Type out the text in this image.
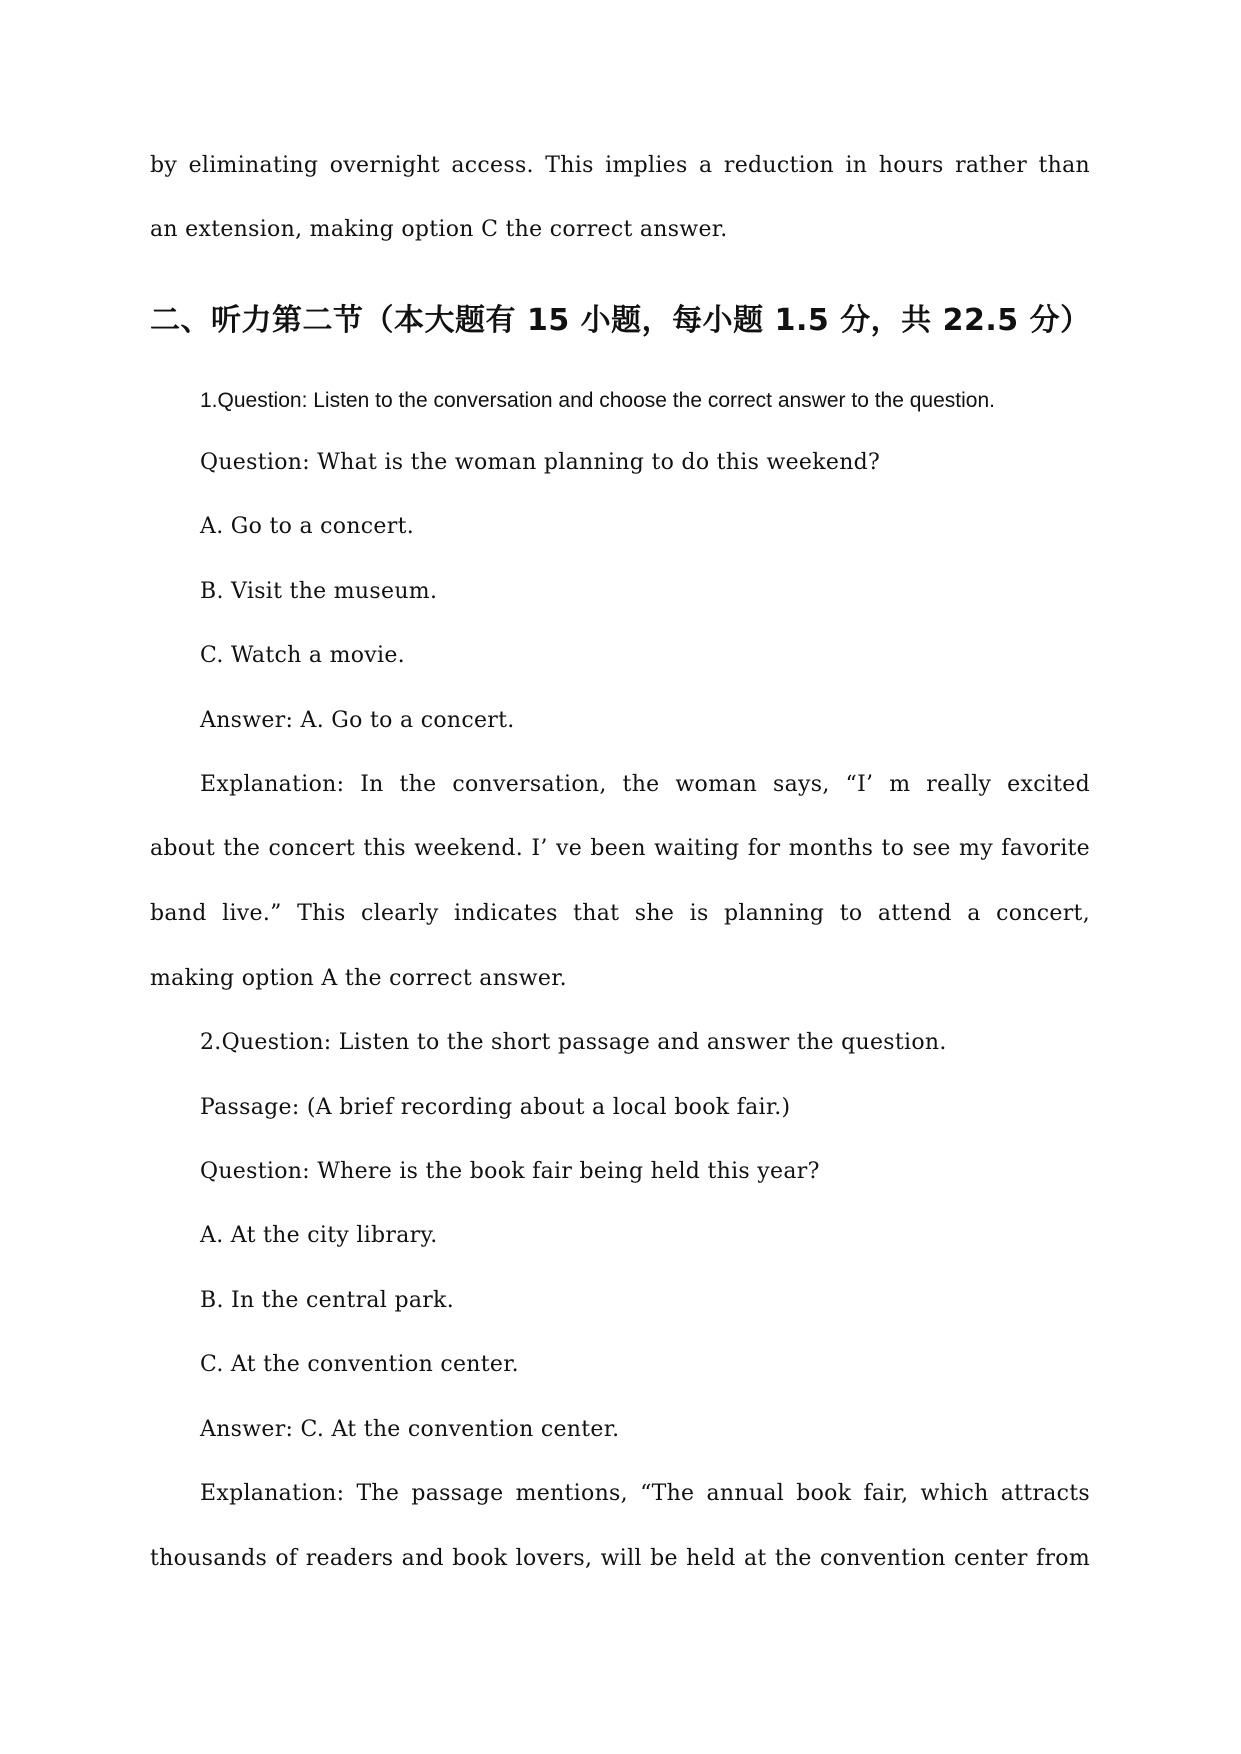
by eliminating overnight access. This implies a reduction in hours rather than
an extension, making option C the correct answer.
二、听力第二节（本大题有 15 小题，每小题 1.5 分，共 22.5 分）
1.Question: Listen to the conversation and choose the correct answer to the question.
Question: What is the woman planning to do this weekend?
A. Go to a concert.
B. Visit the museum.
C. Watch a movie.
Answer: A. Go to a concert.
Explanation: In the conversation, the woman says, “I’ m really excited
about the concert this weekend. I’ ve been waiting for months to see my favorite
band live.” This clearly indicates that she is planning to attend a concert,
making option A the correct answer.
2.Question: Listen to the short passage and answer the question.
Passage: (A brief recording about a local book fair.)
Question: Where is the book fair being held this year?
A. At the city library.
B. In the central park.
C. At the convention center.
Answer: C. At the convention center.
Explanation: The passage mentions, “The annual book fair, which attracts
thousands of readers and book lovers, will be held at the convention center from
